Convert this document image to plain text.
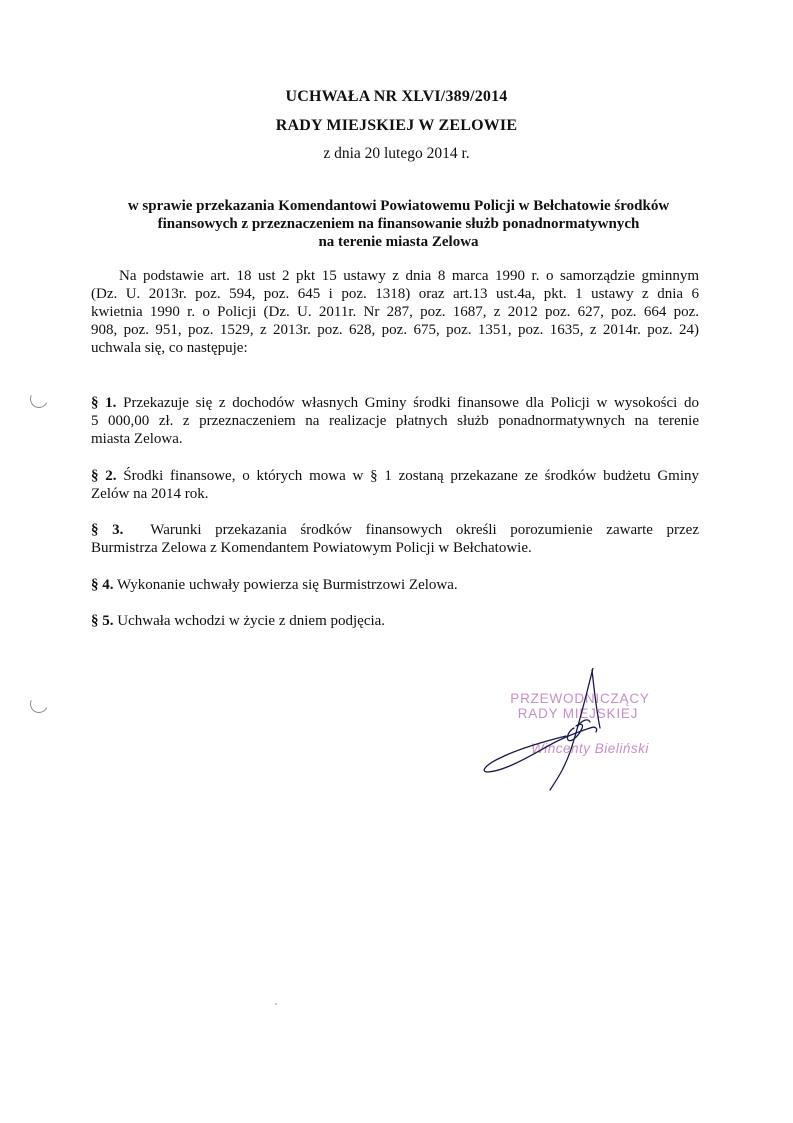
UCHWAŁA NR XLVI/389/2014
RADY MIEJSKIEJ W ZELOWIE
z dnia 20 lutego 2014 r.
w sprawie przekazania Komendantowi Powiatowemu Policji w Bełchatowie środków
finansowych z przeznaczeniem na finansowanie służb ponadnormatywnych
na terenie miasta Zelowa
Na podstawie art. 18 ust 2 pkt 15 ustawy z dnia 8 marca 1990 r. o samorządzie gminnym
(Dz. U. 2013r. poz. 594, poz. 645 i poz. 1318) oraz art.13 ust.4a, pkt. 1 ustawy z dnia 6
kwietnia 1990 r. o Policji (Dz. U. 2011r. Nr 287, poz. 1687, z 2012 poz. 627, poz. 664 poz.
908, poz. 951, poz. 1529, z 2013r. poz. 628, poz. 675, poz. 1351, poz. 1635, z 2014r. poz. 24)
uchwala się, co następuje:
§ 1. Przekazuje się z dochodów własnych Gminy środki finansowe dla Policji w wysokości do
5 000,00 zł. z przeznaczeniem na realizacje płatnych służb ponadnormatywnych na terenie
miasta Zelowa.
§ 2. Środki finansowe, o których mowa w § 1 zostaną przekazane ze środków budżetu Gminy
Zelów na 2014 rok.
§ 3.  Warunki przekazania środków finansowych określi porozumienie zawarte przez
Burmistrza Zelowa z Komendantem Powiatowym Policji w Bełchatowie.
§ 4. Wykonanie uchwały powierza się Burmistrzowi Zelowa.
§ 5. Uchwała wchodzi w życie z dniem podjęcia.
PRZEWODNICZĄCY
RADY MIEJSKIEJ
Wincenty Bieliński
